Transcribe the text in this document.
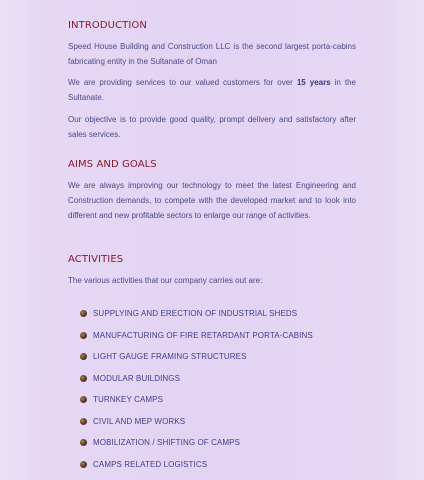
INTRODUCTION

Speed House Building and Construction LLC is the second largest porta-cabins fabricating entity in the Sultanate of Oman

We are providing services to our valued customers for over 15 years in the Sultanate.

Our objective is to provide good quality, prompt delivery and satisfactory after sales services.

AIMS AND GOALS

We are always improving our technology to meet the latest Engineering and Construction demands, to compete with the developed market and to look into different and new profitable sectors to enlarge our range of activities.

ACTIVITIES

The various activities that our company carries out are:

SUPPLYING AND ERECTION OF INDUSTRIAL SHEDS
MANUFACTURING OF FIRE RETARDANT PORTA-CABINS
LIGHT GAUGE FRAMING STRUCTURES
MODULAR BUILDINGS
TURNKEY CAMPS
CIVIL AND MEP WORKS
MOBILIZATION / SHIFTING OF CAMPS
CAMPS RELATED LOGISTICS
